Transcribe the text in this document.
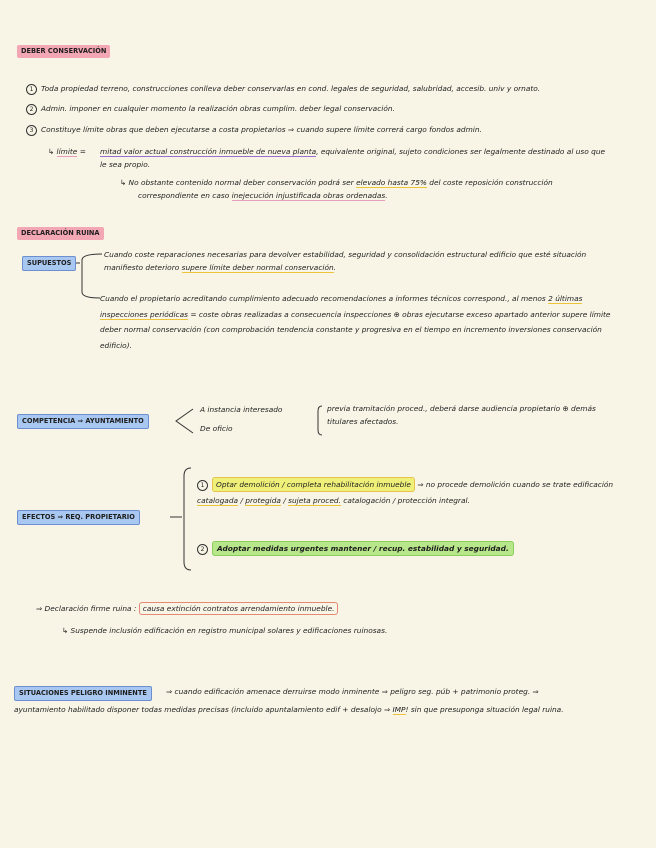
DEBER CONSERVACIÓN
1 Toda propiedad terreno, construcciones conlleva deber conservarlas en cond. legales de seguridad, salubridad, accesib. univ y ornato.
2 Admin. imponer en cualquier momento la realización obras cumplim. deber legal conservación.
3 Constituye límite obras que deben ejecutarse a costa propietarios ⇒ cuando supere límite correrá cargo fondos admin.
↳ límite = mitad valor actual construcción inmueble de nueva planta, equivalente original, sujeto condiciones ser legalmente destinado al uso que le sea propio.
↳ No obstante contenido normal deber conservación podrá ser elevado hasta 75% del coste reposición construcción correspondiente en caso inejecución injustificada obras ordenadas.
DECLARACIÓN RUINA
SUPUESTOS
Cuando coste reparaciones necesarias para devolver estabilidad, seguridad y consolidación estructural edificio que esté situación manifiesto deterioro supere límite deber normal conservación.
Cuando el propietario acreditando cumplimiento adecuado recomendaciones a informes técnicos correspond., al menos 2 últimas inspecciones periódicas = coste obras realizadas a consecuencia inspecciones ⊕ obras ejecutarse exceso apartado anterior supere límite deber normal conservación (con comprobación tendencia constante y progresiva en el tiempo en incremento inversiones conservación edificio).
COMPETENCIA ⇒ AYUNTAMIENTO
A instancia interesado
De oficio
previa tramitación proced., deberá darse audiencia propietario ⊕ demás titulares afectados.
EFECTOS ⇒ REQ. PROPIETARIO
1 Optar demolición / completa rehabilitación inmueble ⇒ no procede demolición cuando se trate edificación catalogada / protegida / sujeta proced. catalogación / protección integral.
2 Adoptar medidas urgentes mantener / recup. estabilidad y seguridad.
⇒ Declaración firme ruina : causa extinción contratos arrendamiento inmueble.
↳ Suspende inclusión edificación en registro municipal solares y edificaciones ruinosas.
SITUACIONES PELIGRO INMINENTE	⇒ cuando edificación amenace derruirse modo inminente ⇒ peligro seg. púb + patrimonio proteg. ⇒ ayuntamiento habilitado disponer todas medidas precisas (incluido apuntalamiento edif + desalojo ⇒ IMP! sin que presuponga situación legal ruina.
